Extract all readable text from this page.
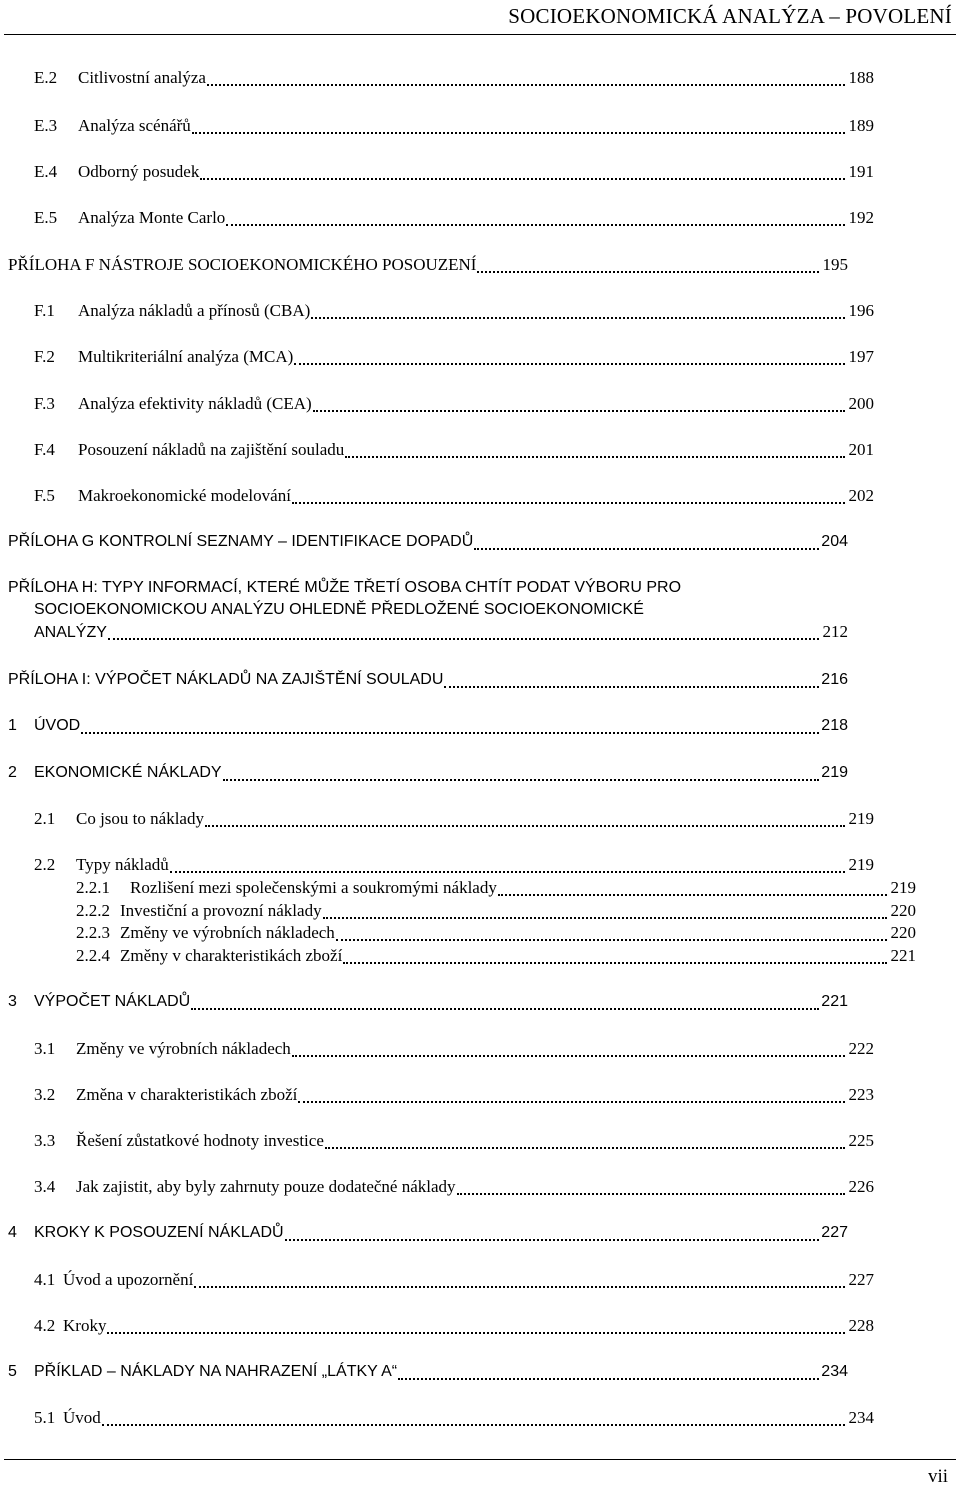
SOCIOEKONOMICKÁ ANALÝZA – POVOLENÍ
E.2	Citlivostní analýza	188
E.3	Analýza scénářů	189
E.4	Odborný posudek	191
E.5	Analýza Monte Carlo	192
PŘÍLOHA F NÁSTROJE SOCIOEKONOMICKÉHO POSOUZENÍ	195
F.1	Analýza nákladů a přínosů (CBA)	196
F.2	Multikriteriální analýza (MCA)	197
F.3	Analýza efektivity nákladů (CEA)	200
F.4	Posouzení nákladů na zajištění souladu	201
F.5	Makroekonomické modelování	202
PŘÍLOHA G KONTROLNÍ SEZNAMY – IDENTIFIKACE DOPADŮ	204
PŘÍLOHA I: VÝPOČET NÁKLADŮ NA ZAJIŠTĚNÍ SOULADU	216
1	ÚVOD	218
2	EKONOMICKÉ NÁKLADY	219
2.1	Co jsou to náklady	219
2.2	Typy nákladů	219
2.2.1	Rozlišení mezi společenskými a soukromými náklady	219
2.2.2 Investiční a provozní náklady	220
2.2.3 Změny ve výrobních nákladech	220
2.2.4 Změny v charakteristikách zboží	221
3	VÝPOČET NÁKLADŮ	221
3.1	Změny ve výrobních nákladech	222
3.2	Změna v charakteristikách zboží	223
3.3	Řešení zůstatkové hodnoty investice	225
3.4	Jak zajistit, aby byly zahrnuty pouze dodatečné náklady	226
4	KROKY K POSOUZENÍ NÁKLADŮ	227
4.1 Úvod a upozornění	227
4.2 Kroky	228
5	PŘÍKLAD – NÁKLADY NA NAHRAZENÍ „LÁTKY A“	234
5.1 Úvod	234
PŘÍLOHA H: TYPY INFORMACÍ, KTERÉ MŮŽE TŘETÍ OSOBA CHTÍT PODAT VÝBORU PRO
SOCIOEKONOMICKOU ANALÝZU OHLEDNĚ PŘEDLOŽENÉ SOCIOEKONOMICKÉ
ANALÝZY	212
vii
